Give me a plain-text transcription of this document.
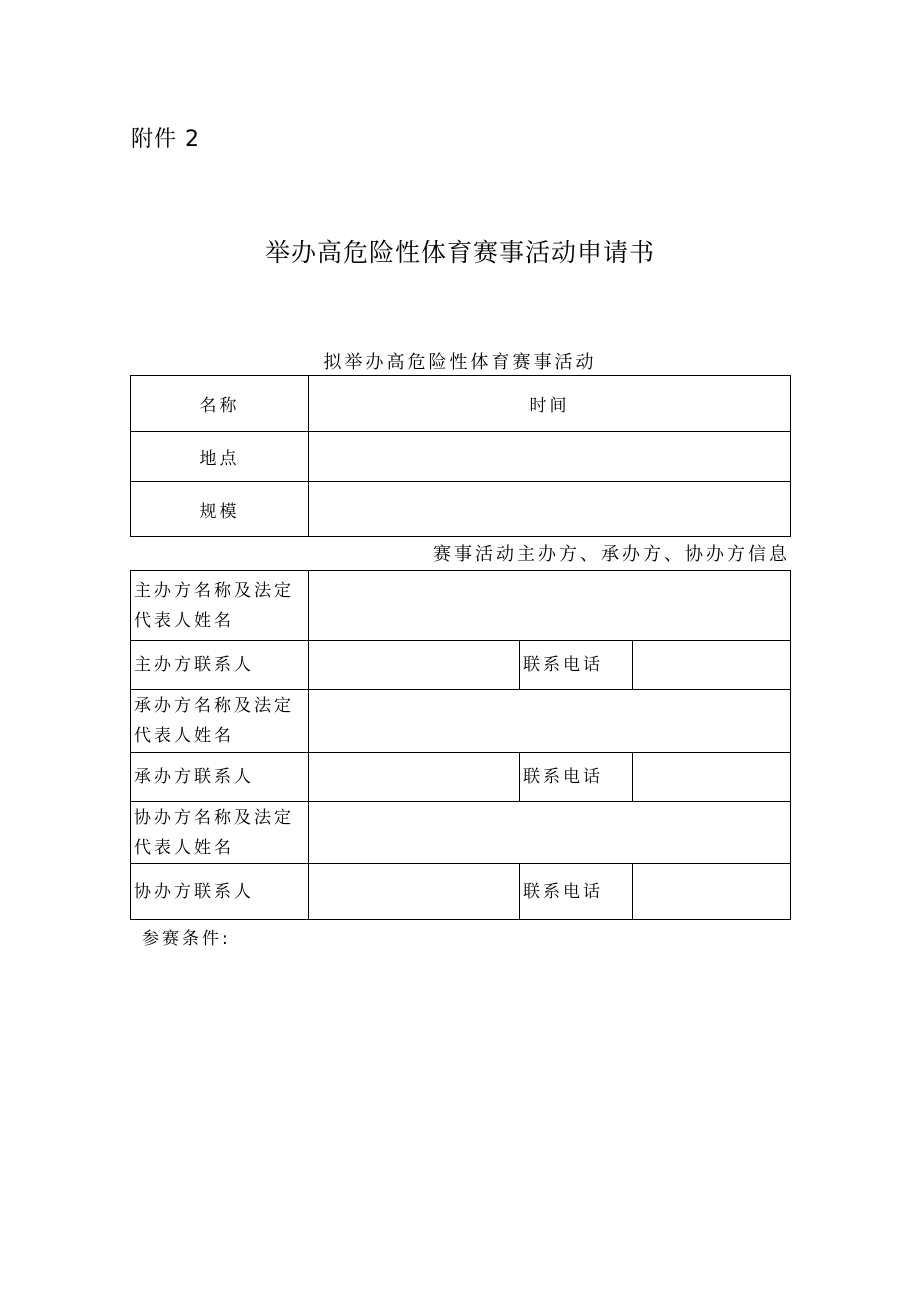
附件 2
举办高危险性体育赛事活动申请书
拟举办高危险性体育赛事活动
名称	时间
地点	
规模	
赛事活动主办方、承办方、协办方信息
主办方名称及法定代表人姓名			
主办方联系人		联系电话	
承办方名称及法定代表人姓名			
承办方联系人		联系电话	
协办方名称及法定代表人姓名			
协办方联系人		联系电话	
参赛条件:
